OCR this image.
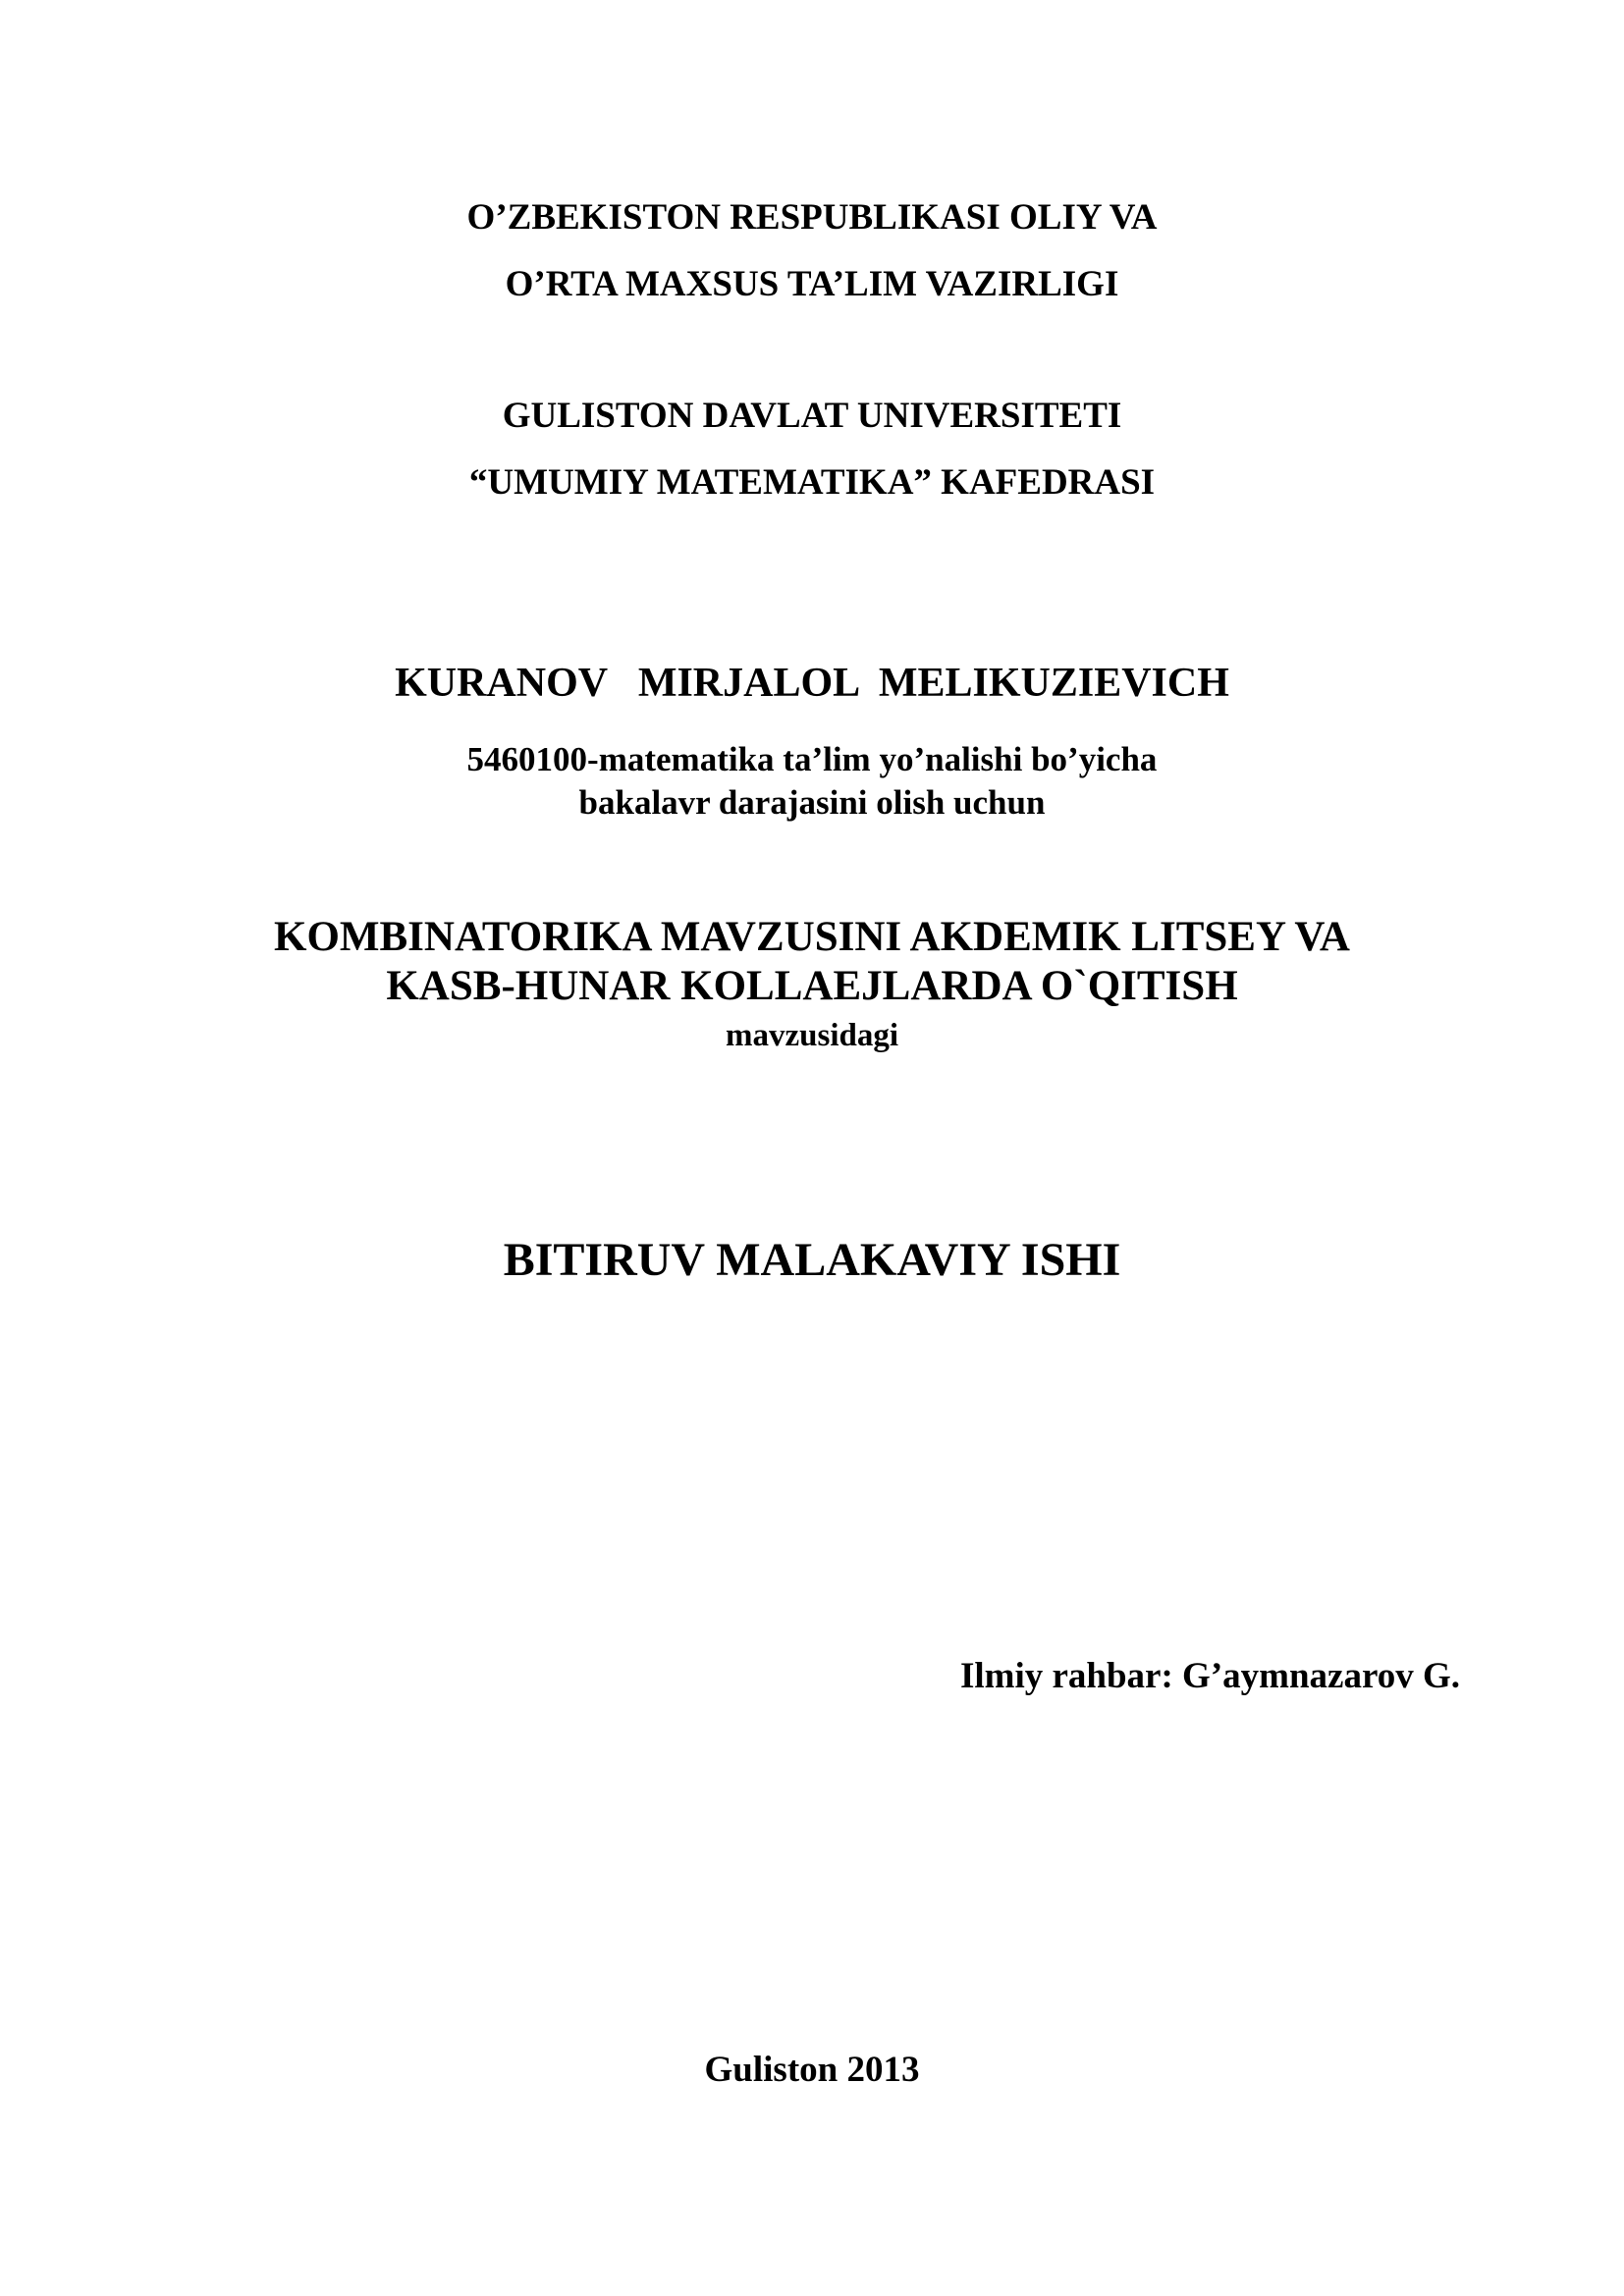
O’ZBEKISTON RESPUBLIKASI OLIY VA
O’RTA MAXSUS TA’LIM VAZIRLIGI
GULISTON DAVLAT UNIVERSITETI
“UMUMIY MATEMATIKA” KAFEDRASI
KURANOV   MIRJALOL  MELIKUZIEVICH
5460100-matematika ta’lim yo’nalishi bo’yicha
bakalavr darajasini olish uchun
KOMBINATORIKA MAVZUSINI AKDEMIK LITSEY VA
KASB-HUNAR KOLLAEJLARDA O`QITISH
mavzusidagi
BITIRUV MALAKAVIY ISHI
Ilmiy rahbar: G’aymnazarov G.
Guliston 2013
